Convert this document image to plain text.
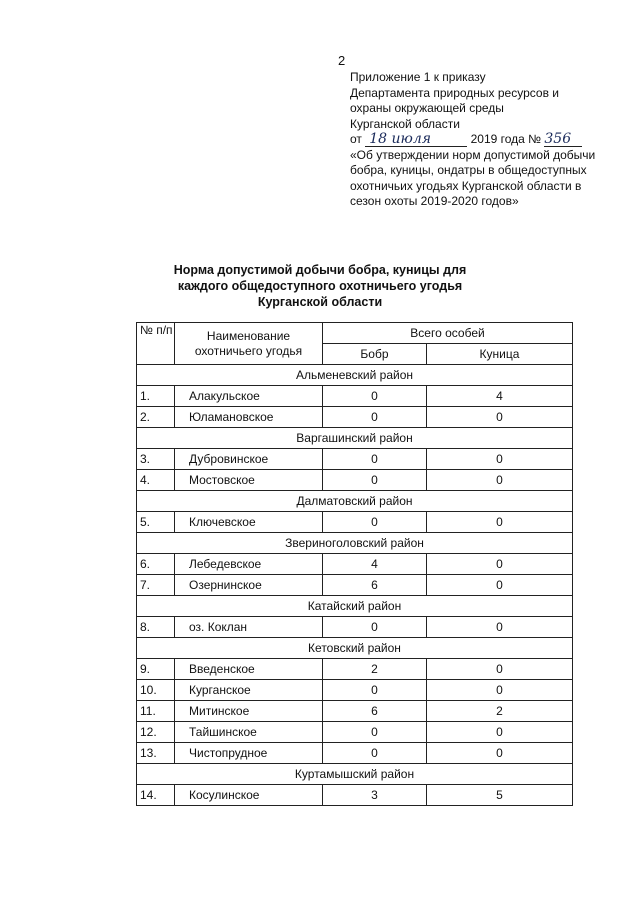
2
Приложение 1 к приказу
Департамента природных ресурсов и
охраны окружающей среды
Курганской области
от 18 июля	2019 года № 356
«Об утверждении норм допустимой добычи бобра, куницы, ондатры в общедоступных охотничьих угодьях Курганской области в сезон охоты 2019-2020 годов»
Норма допустимой добычи бобра, куницы для каждого общедоступного охотничьего угодья Курганской области
№ п/п	Наименование охотничьего угодья	Всего особей	
		Бобр	Куница
Альменевский район			
1.	Алакульское	0	4
2.	Юламановское	0	0
Варгашинский район			
3.	Дубровинское	0	0
4.	Мостовское	0	0
Далматовский район			
5.	Ключевское	0	0
Звериноголовский район			
6.	Лебедевское	4	0
7.	Озернинское	6	0
Катайский район			
8.	оз. Коклан	0	0
Кетовский район			
9.	Введенское	2	0
10.	Курганское	0	0
11.	Митинское	6	2
12.	Тайшинское	0	0
13.	Чистопрудное	0	0
Куртамышский район			
14.	Косулинское	3	5
